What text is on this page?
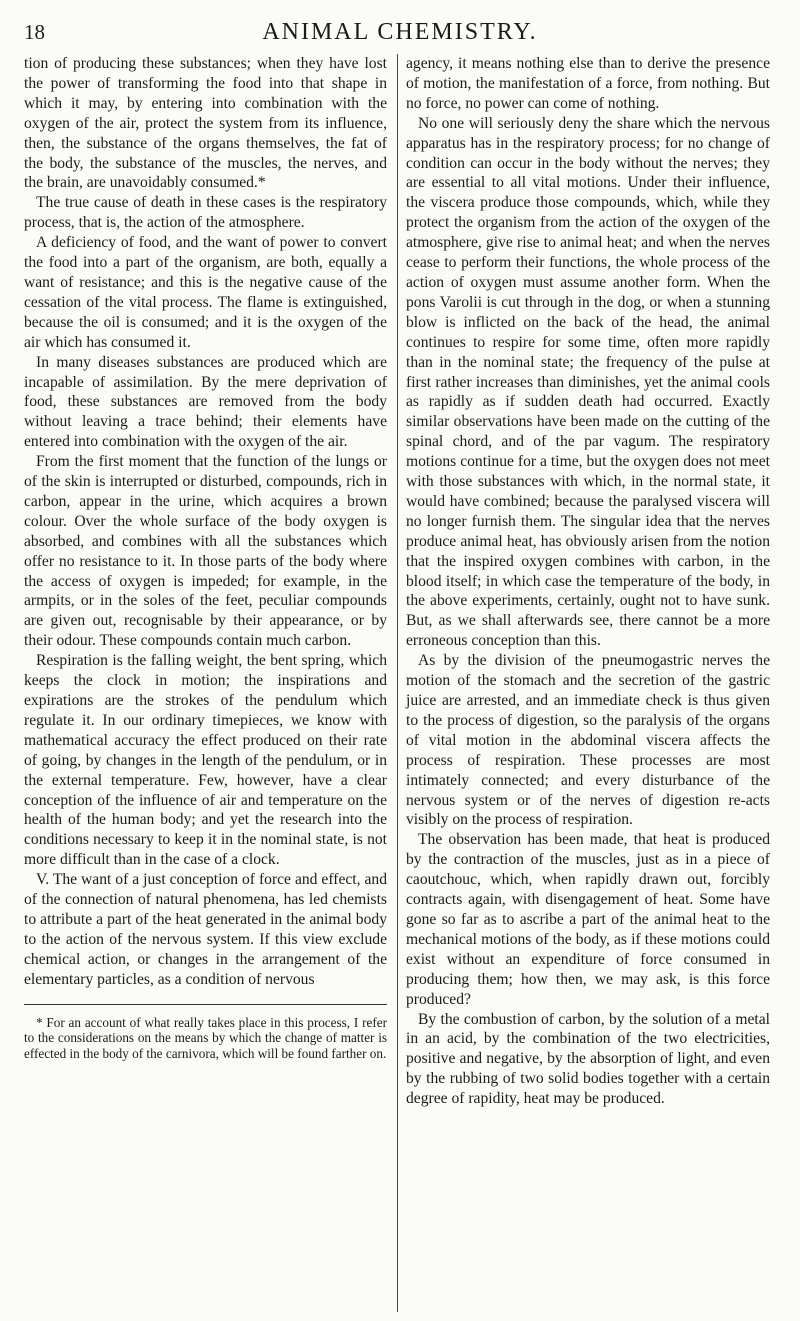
18	ANIMAL CHEMISTRY.

tion of producing these substances; when they have lost the power of transforming the food into that shape in which it may, by entering into combination with the oxygen of the air, protect the system from its influence, then, the substance of the organs themselves, the fat of the body, the substance of the muscles, the nerves, and the brain, are unavoidably consumed.*

The true cause of death in these cases is the respiratory process, that is, the action of the atmosphere.

A deficiency of food, and the want of power to convert the food into a part of the organism, are both, equally a want of resistance; and this is the negative cause of the cessation of the vital process. The flame is extinguished, because the oil is consumed; and it is the oxygen of the air which has consumed it.

In many diseases substances are produced which are incapable of assimilation. By the mere deprivation of food, these substances are removed from the body without leaving a trace behind; their elements have entered into combination with the oxygen of the air.

From the first moment that the function of the lungs or of the skin is interrupted or disturbed, compounds, rich in carbon, appear in the urine, which acquires a brown colour. Over the whole surface of the body oxygen is absorbed, and combines with all the substances which offer no resistance to it. In those parts of the body where the access of oxygen is impeded; for example, in the armpits, or in the soles of the feet, peculiar compounds are given out, recognisable by their appearance, or by their odour. These compounds contain much carbon.

Respiration is the falling weight, the bent spring, which keeps the clock in motion; the inspirations and expirations are the strokes of the pendulum which regulate it. In our ordinary timepieces, we know with mathematical accuracy the effect produced on their rate of going, by changes in the length of the pendulum, or in the external temperature. Few, however, have a clear conception of the influence of air and temperature on the health of the human body; and yet the research into the conditions necessary to keep it in the nominal state, is not more difficult than in the case of a clock.

V. The want of a just conception of force and effect, and of the connection of natural phenomena, has led chemists to attribute a part of the heat generated in the animal body to the action of the nervous system. If this view exclude chemical action, or changes in the arrangement of the elementary particles, as a condition of nervous

* For an account of what really takes place in this process, I refer to the considerations on the means by which the change of matter is effected in the body of the carnivora, which will be found farther on.

agency, it means nothing else than to derive the presence of motion, the manifestation of a force, from nothing. But no force, no power can come of nothing.

No one will seriously deny the share which the nervous apparatus has in the respiratory process; for no change of condition can occur in the body without the nerves; they are essential to all vital motions. Under their influence, the viscera produce those compounds, which, while they protect the organism from the action of the oxygen of the atmosphere, give rise to animal heat; and when the nerves cease to perform their functions, the whole process of the action of oxygen must assume another form. When the pons Varolii is cut through in the dog, or when a stunning blow is inflicted on the back of the head, the animal continues to respire for some time, often more rapidly than in the nominal state; the frequency of the pulse at first rather increases than diminishes, yet the animal cools as rapidly as if sudden death had occurred. Exactly similar observations have been made on the cutting of the spinal chord, and of the par vagum. The respiratory motions continue for a time, but the oxygen does not meet with those substances with which, in the normal state, it would have combined; because the paralysed viscera will no longer furnish them. The singular idea that the nerves produce animal heat, has obviously arisen from the notion that the inspired oxygen combines with carbon, in the blood itself; in which case the temperature of the body, in the above experiments, certainly, ought not to have sunk. But, as we shall afterwards see, there cannot be a more erroneous conception than this.

As by the division of the pneumogastric nerves the motion of the stomach and the secretion of the gastric juice are arrested, and an immediate check is thus given to the process of digestion, so the paralysis of the organs of vital motion in the abdominal viscera affects the process of respiration. These processes are most intimately connected; and every disturbance of the nervous system or of the nerves of digestion re-acts visibly on the process of respiration.

The observation has been made, that heat is produced by the contraction of the muscles, just as in a piece of caoutchouc, which, when rapidly drawn out, forcibly contracts again, with disengagement of heat. Some have gone so far as to ascribe a part of the animal heat to the mechanical motions of the body, as if these motions could exist without an expenditure of force consumed in producing them; how then, we may ask, is this force produced?

By the combustion of carbon, by the solution of a metal in an acid, by the combination of the two electricities, positive and negative, by the absorption of light, and even by the rubbing of two solid bodies together with a certain degree of rapidity, heat may be produced.
